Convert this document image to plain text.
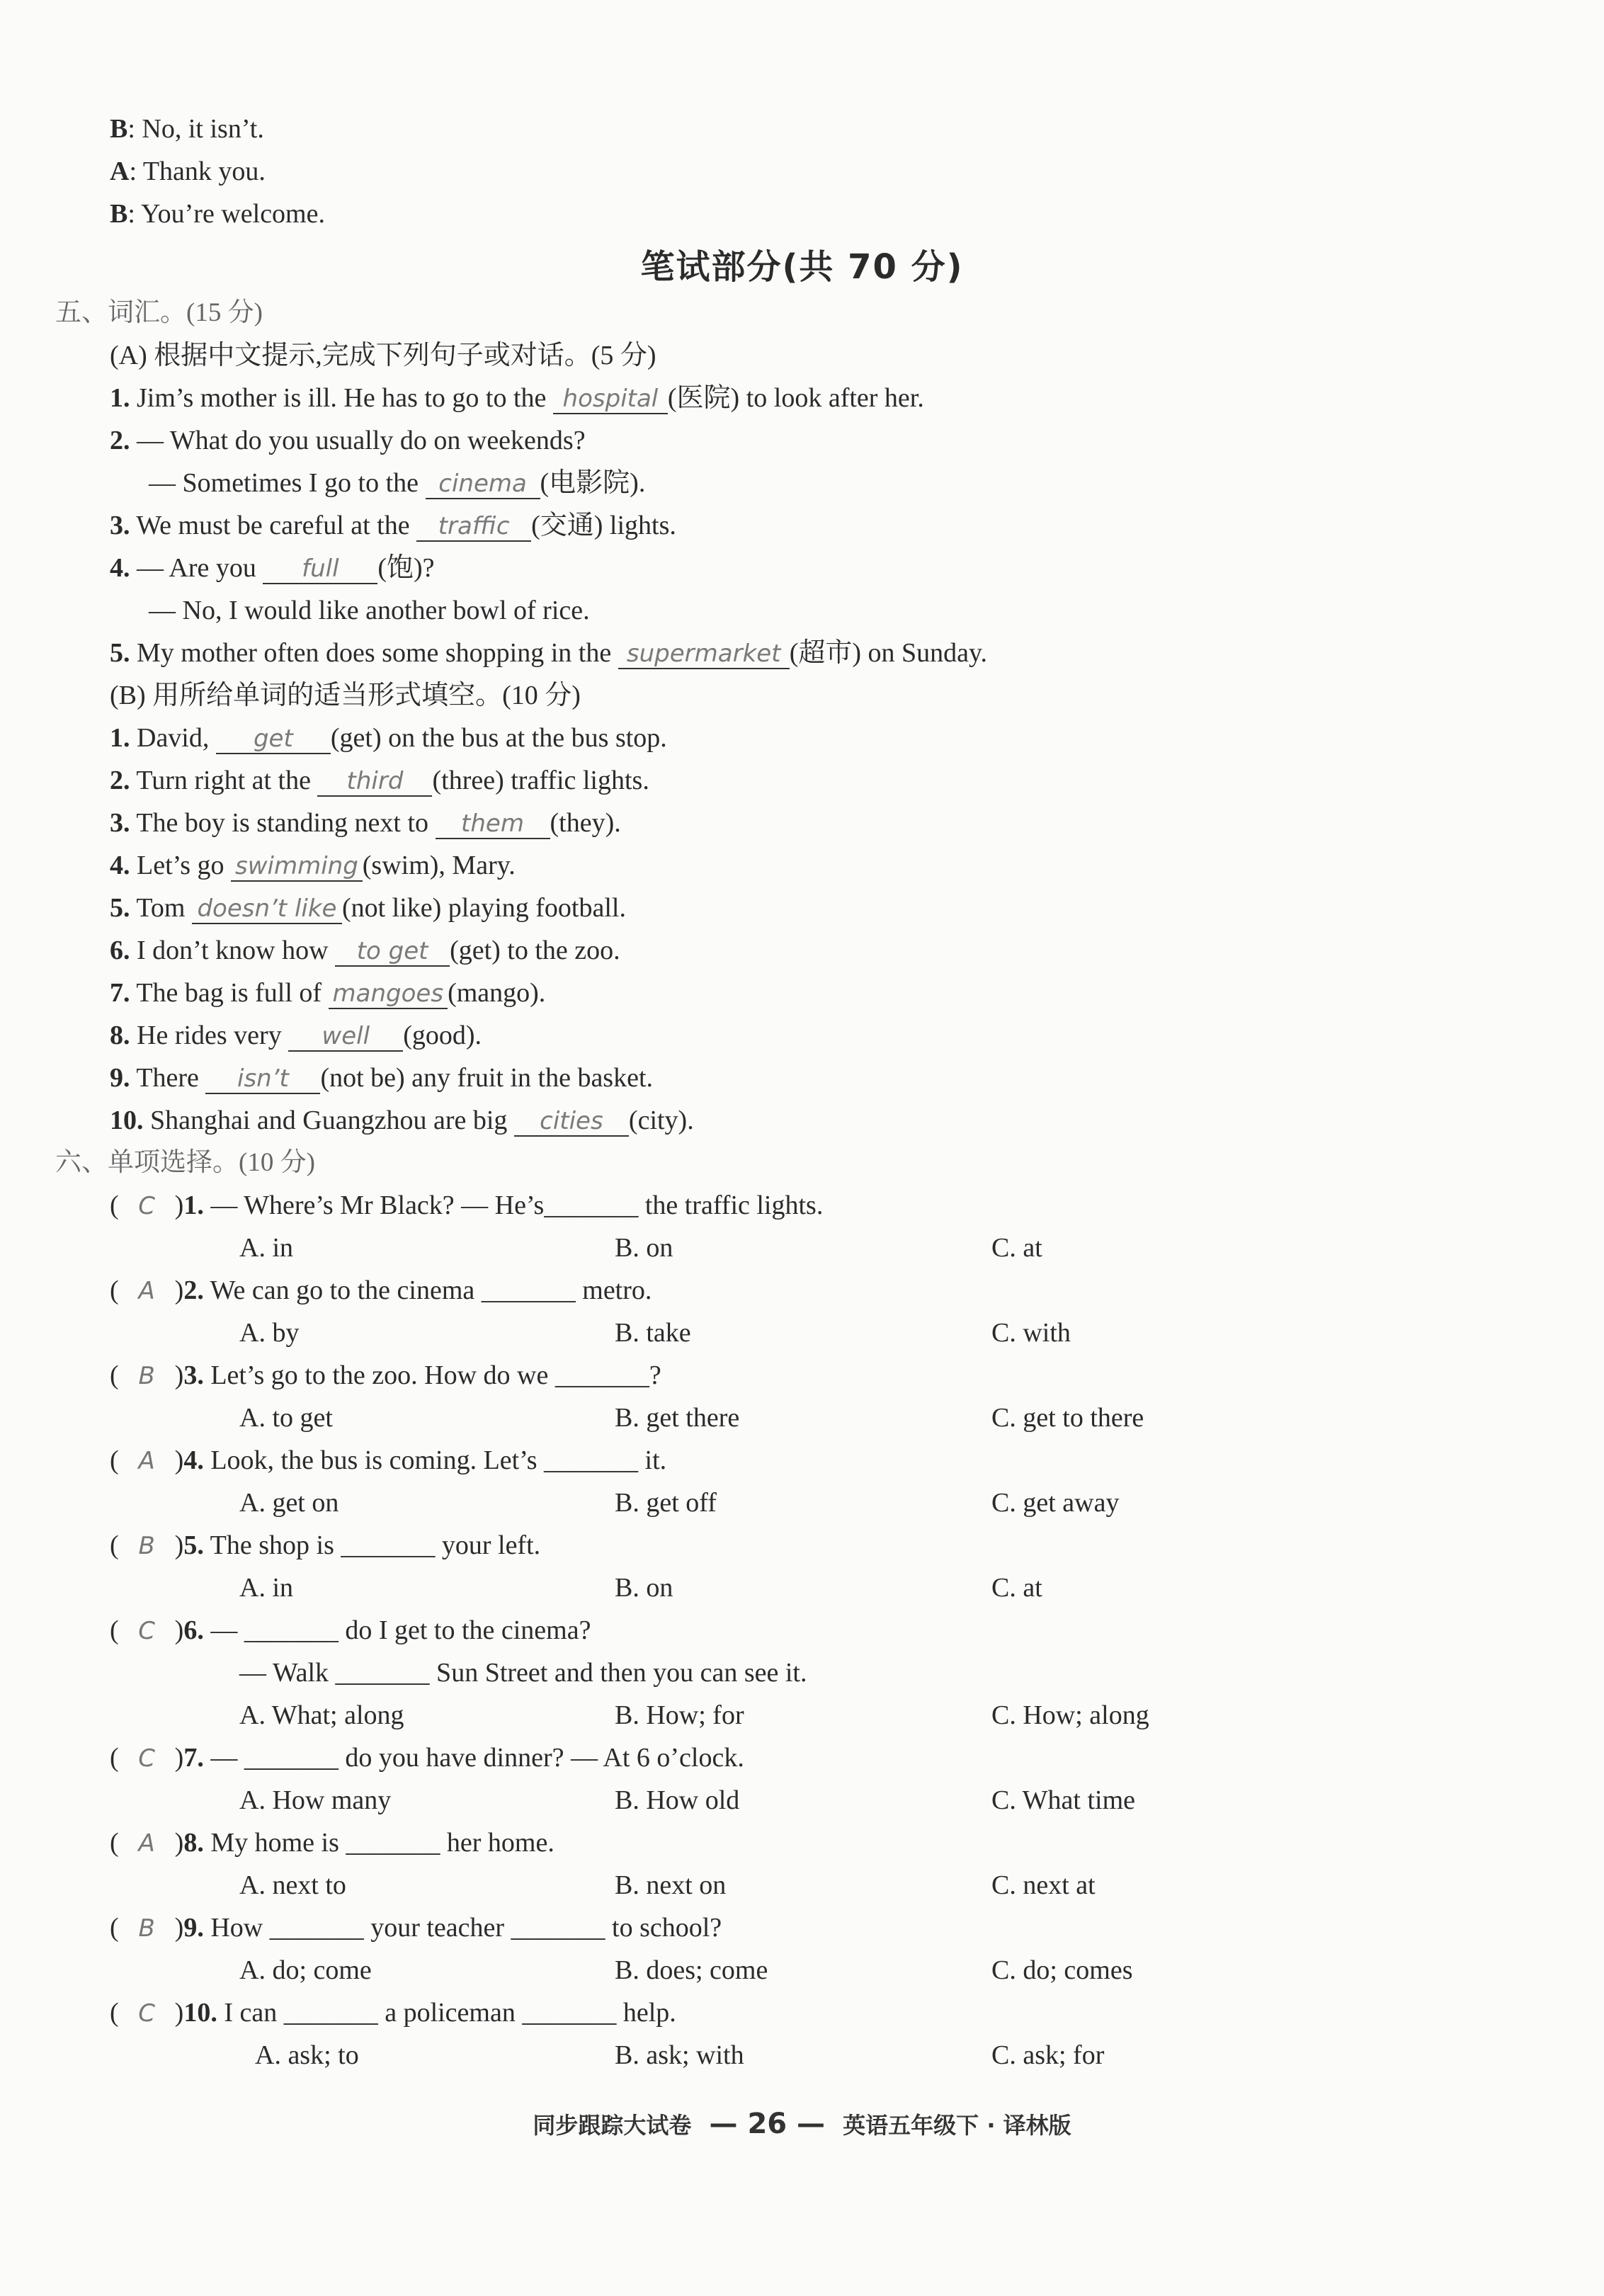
B: No, it isn’t.
A: Thank you.
B: You’re welcome.
笔试部分(共 70 分)
五、词汇。(15 分)
(A) 根据中文提示,完成下列句子或对话。(5 分)
1. Jim’s mother is ill. He has to go to the hospital (医院) to look after her.
2. — What do you usually do on weekends?
— Sometimes I go to the cinema (电影院).
3. We must be careful at the traffic (交通) lights.
4. — Are you full (饱)?
— No, I would like another bowl of rice.
5. My mother often does some shopping in the supermarket (超市) on Sunday.
(B) 用所给单词的适当形式填空。(10 分)
1. David, get (get) on the bus at the bus stop.
2. Turn right at the third (three) traffic lights.
3. The boy is standing next to them (they).
4. Let’s go swimming (swim), Mary.
5. Tom doesn’t like (not like) playing football.
6. I don’t know how to get (get) to the zoo.
7. The bag is full of mangoes (mango).
8. He rides very well (good).
9. There isn’t (not be) any fruit in the basket.
10. Shanghai and Guangzhou are big cities (city).
六、单项选择。(10 分)
( C )1. — Where’s Mr Black? — He’s_______ the traffic lights.
A. in	B. on	C. at
( A )2. We can go to the cinema _______ metro.
A. by	B. take	C. with
( B )3. Let’s go to the zoo. How do we _______?
A. to get	B. get there	C. get to there
( A )4. Look, the bus is coming. Let’s _______ it.
A. get on	B. get off	C. get away
( B )5. The shop is _______ your left.
A. in	B. on	C. at
( C )6. — _______ do I get to the cinema?
— Walk _______ Sun Street and then you can see it.
A. What; along	B. How; for	C. How; along
( C )7. — _______ do you have dinner? — At 6 o’clock.
A. How many	B. How old	C. What time
( A )8. My home is _______ her home.
A. next to	B. next on	C. next at
( B )9. How _______ your teacher _______ to school?
A. do; come	B. does; come	C. do; comes
( C )10. I can _______ a policeman _______ help.
A. ask; to	B. ask; with	C. ask; for
同步跟踪大试卷 — 26 — 英语五年级下 · 译林版
